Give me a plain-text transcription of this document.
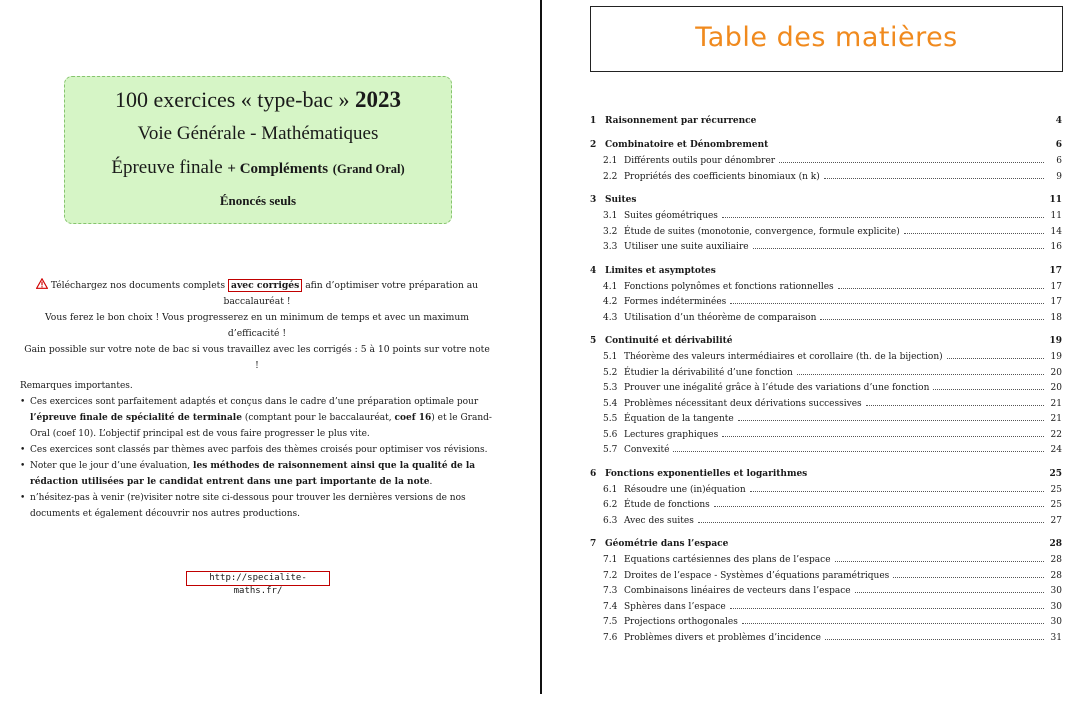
100 exercices « type-bac » 2023
Voie Générale - Mathématiques
Épreuve finale + Compléments (Grand Oral)
Énoncés seuls
Téléchargez nos documents complets avec corrigés afin d’optimiser votre préparation au baccalauréat !
Vous ferez le bon choix ! Vous progresserez en un minimum de temps et avec un maximum d’efficacité !
Gain possible sur votre note de bac si vous travaillez avec les corrigés : 5 à 10 points sur votre note !
Remarques importantes.
• Ces exercices sont parfaitement adaptés et conçus dans le cadre d’une préparation optimale pour l’épreuve finale de spécialité de terminale (comptant pour le baccalauréat, coef 16) et le Grand-Oral (coef 10). L’objectif principal est de vous faire progresser le plus vite.
• Ces exercices sont classés par thèmes avec parfois des thèmes croisés pour optimiser vos révisions.
• Noter que le jour d’une évaluation, les méthodes de raisonnement ainsi que la qualité de la rédaction utilisées par le candidat entrent dans une part importante de la note.
• n’hésitez-pas à venir (re)visiter notre site ci-dessous pour trouver les dernières versions de nos documents et également découvrir nos autres productions.
http://specialite-maths.fr/
Table des matières
1 Raisonnement par récurrence	4
2 Combinatoire et Dénombrement	6
2.1 Différents outils pour dénombrer	6
2.2 Propriétés des coefficients binomiaux (n k)	9
3 Suites	11
3.1 Suites géométriques	11
3.2 Étude de suites (monotonie, convergence, formule explicite)	14
3.3 Utiliser une suite auxiliaire	16
4 Limites et asymptotes	17
4.1 Fonctions polynômes et fonctions rationnelles	17
4.2 Formes indéterminées	17
4.3 Utilisation d’un théorème de comparaison	18
5 Continuité et dérivabilité	19
5.1 Théorème des valeurs intermédiaires et corollaire (th. de la bijection)	19
5.2 Étudier la dérivabilité d’une fonction	20
5.3 Prouver une inégalité grâce à l’étude des variations d’une fonction	20
5.4 Problèmes nécessitant deux dérivations successives	21
5.5 Équation de la tangente	21
5.6 Lectures graphiques	22
5.7 Convexité	24
6 Fonctions exponentielles et logarithmes	25
6.1 Résoudre une (in)équation	25
6.2 Étude de fonctions	25
6.3 Avec des suites	27
7 Géométrie dans l’espace	28
7.1 Equations cartésiennes des plans de l’espace	28
7.2 Droites de l’espace - Systèmes d’équations paramétriques	28
7.3 Combinaisons linéaires de vecteurs dans l’espace	30
7.4 Sphères dans l’espace	30
7.5 Projections orthogonales	30
7.6 Problèmes divers et problèmes d’incidence	31
